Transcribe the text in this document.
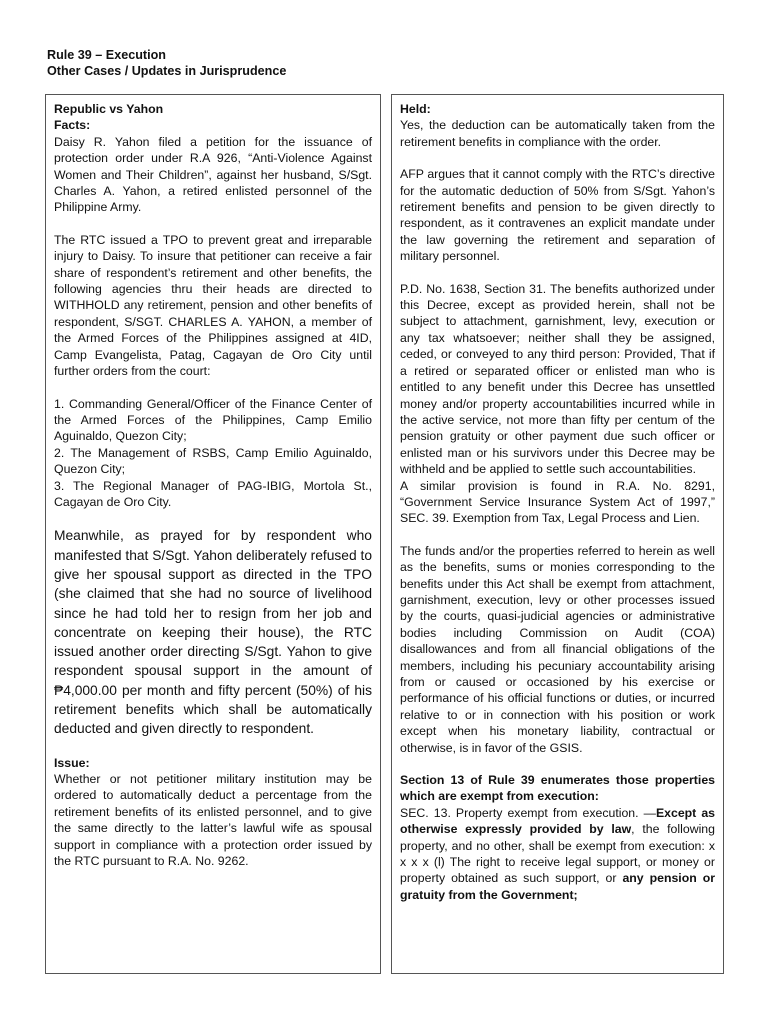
Rule 39 – Execution
Other Cases / Updates in Jurisprudence
Republic vs Yahon
Facts:

Daisy R. Yahon filed a petition for the issuance of protection order under R.A 926, “Anti-Violence Against Women and Their Children”, against her husband, S/Sgt. Charles A. Yahon, a retired enlisted personnel of the Philippine Army.

The RTC issued a TPO to prevent great and irreparable injury to Daisy. To insure that petitioner can receive a fair share of respondent’s retirement and other benefits, the following agencies thru their heads are directed to WITHHOLD any retirement, pension and other benefits of respondent, S/SGT. CHARLES A. YAHON, a member of the Armed Forces of the Philippines assigned at 4ID, Camp Evangelista, Patag, Cagayan de Oro City until further orders from the court:

1. Commanding General/Officer of the Finance Center of the Armed Forces of the Philippines, Camp Emilio Aguinaldo, Quezon City;

2. The Management of RSBS, Camp Emilio Aguinaldo, Quezon City;

3. The Regional Manager of PAG-IBIG, Mortola St., Cagayan de Oro City.

Meanwhile, as prayed for by respondent who manifested that S/Sgt. Yahon deliberately refused to give her spousal support as directed in the TPO (she claimed that she had no source of livelihood since he had told her to resign from her job and concentrate on keeping their house), the RTC issued another order directing S/Sgt. Yahon to give respondent spousal support in the amount of ₱4,000.00 per month and fifty percent (50%) of his retirement benefits which shall be automatically deducted and given directly to respondent.

Issue:

Whether or not petitioner military institution may be ordered to automatically deduct a percentage from the retirement benefits of its enlisted personnel, and to give the same directly to the latter’s lawful wife as spousal support in compliance with a protection order issued by the RTC pursuant to R.A. No. 9262.

Held:

Yes, the deduction can be automatically taken from the retirement benefits in compliance with the order.

AFP argues that it cannot comply with the RTC’s directive for the automatic deduction of 50% from S/Sgt. Yahon’s retirement benefits and pension to be given directly to respondent, as it contravenes an explicit mandate under the law governing the retirement and separation of military personnel.

P.D. No. 1638, Section 31. The benefits authorized under this Decree, except as provided herein, shall not be subject to attachment, garnishment, levy, execution or any tax whatsoever; neither shall they be assigned, ceded, or conveyed to any third person: Provided, That if a retired or separated officer or enlisted man who is entitled to any benefit under this Decree has unsettled money and/or property accountabilities incurred while in the active service, not more than fifty per centum of the pension gratuity or other payment due such officer or enlisted man or his survivors under this Decree may be withheld and be applied to settle such accountabilities.

A similar provision is found in R.A. No. 8291, “Government Service Insurance System Act of 1997,” SEC. 39. Exemption from Tax, Legal Process and Lien.

The funds and/or the properties referred to herein as well as the benefits, sums or monies corresponding to the benefits under this Act shall be exempt from attachment, garnishment, execution, levy or other processes issued by the courts, quasi-judicial agencies or administrative bodies including Commission on Audit (COA) disallowances and from all financial obligations of the members, including his pecuniary accountability arising from or caused or occasioned by his exercise or performance of his official functions or duties, or incurred relative to or in connection with his position or work except when his monetary liability, contractual or otherwise, is in favor of the GSIS.

Section 13 of Rule 39 enumerates those properties which are exempt from execution:

SEC. 13. Property exempt from execution. —Except as otherwise expressly provided by law, the following property, and no other, shall be exempt from execution: x x x x (l) The right to receive legal support, or money or property obtained as such support, or any pension or gratuity from the Government;
